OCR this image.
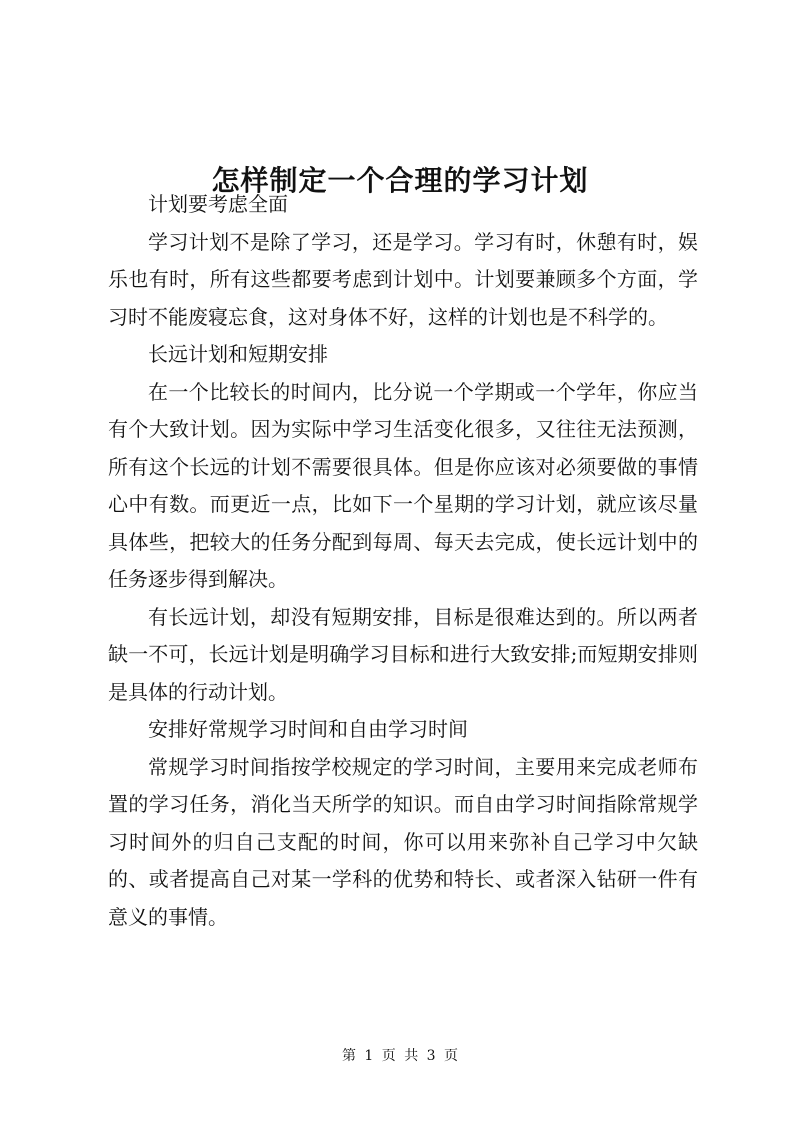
怎样制定一个合理的学习计划

计划要考虑全面

学习计划不是除了学习，还是学习。学习有时，休憩有时，娱乐也有时，所有这些都要考虑到计划中。计划要兼顾多个方面，学习时不能废寝忘食，这对身体不好，这样的计划也是不科学的。

长远计划和短期安排

在一个比较长的时间内，比分说一个学期或一个学年，你应当有个大致计划。因为实际中学习生活变化很多，又往往无法预测，所有这个长远的计划不需要很具体。但是你应该对必须要做的事情心中有数。而更近一点，比如下一个星期的学习计划，就应该尽量具体些，把较大的任务分配到每周、每天去完成，使长远计划中的任务逐步得到解决。

有长远计划，却没有短期安排，目标是很难达到的。所以两者缺一不可，长远计划是明确学习目标和进行大致安排;而短期安排则是具体的行动计划。

安排好常规学习时间和自由学习时间

常规学习时间指按学校规定的学习时间，主要用来完成老师布置的学习任务，消化当天所学的知识。而自由学习时间指除常规学习时间外的归自己支配的时间，你可以用来弥补自己学习中欠缺的、或者提高自己对某一学科的优势和特长、或者深入钻研一件有意义的事情。

第 1 页 共 3 页
